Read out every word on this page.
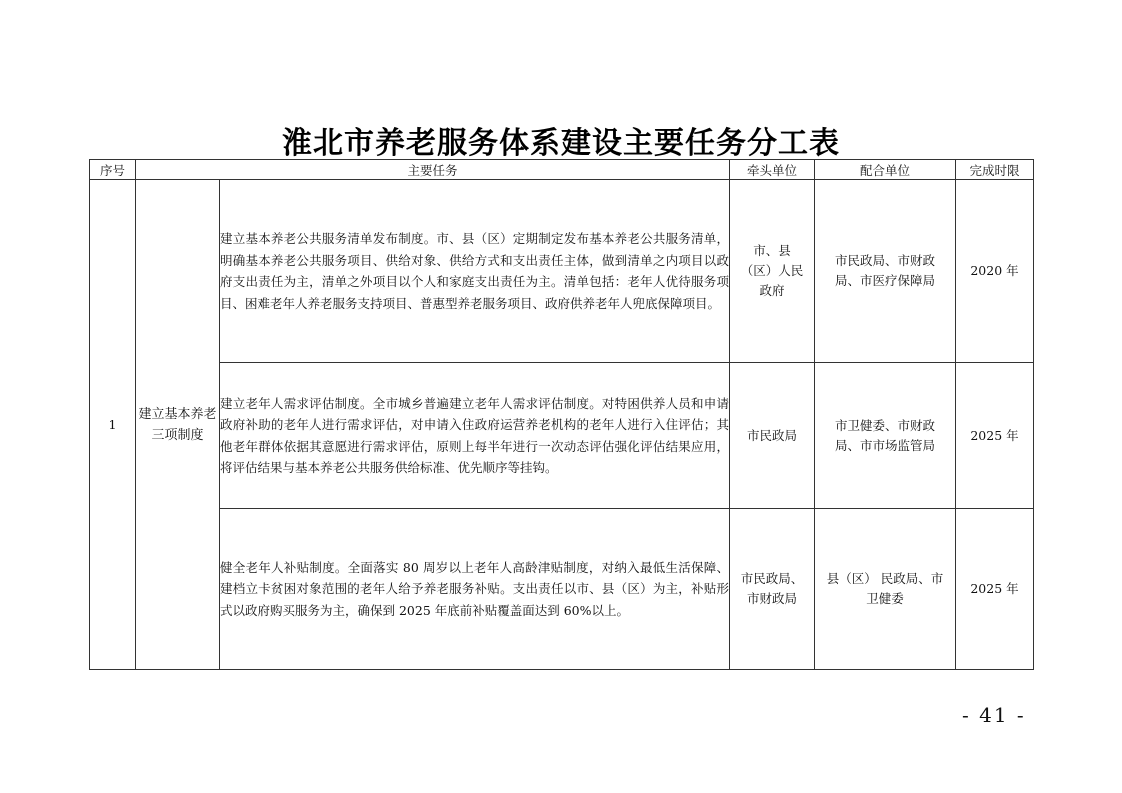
淮北市养老服务体系建设主要任务分工表
序号	主要任务		牵头单位	配合单位	完成时限
1	建立基本养老三项制度	建立基本养老公共服务清单发布制度。市、县（区）定期制定发布基本养老公共服务清单，明确基本养老公共服务项目、供给对象、供给方式和支出责任主体，做到清单之内项目以政府支出责任为主，清单之外项目以个人和家庭支出责任为主。清单包括：老年人优待服务项目、困难老年人养老服务支持项目、普惠型养老服务项目、政府供养老年人兜底保障项目。	市、县（区）人民政府	市民政局、市财政局、市医疗保障局	2020 年
		建立老年人需求评估制度。全市城乡普遍建立老年人需求评估制度。对特困供养人员和申请政府补助的老年人进行需求评估，对申请入住政府运营养老机构的老年人进行入住评估；其他老年群体依据其意愿进行需求评估，原则上每半年进行一次动态评估强化评估结果应用，将评估结果与基本养老公共服务供给标准、优先顺序等挂钩。	市民政局	市卫健委、市财政局、市市场监管局	2025 年
		健全老年人补贴制度。全面落实 80 周岁以上老年人高龄津贴制度，对纳入最低生活保障、建档立卡贫困对象范围的老年人给予养老服务补贴。支出责任以市、县（区）为主，补贴形式以政府购买服务为主，确保到 2025 年底前补贴覆盖面达到 60%以上。	市民政局、市财政局	县（区） 民政局、市卫健委	2025 年
- 41 -
